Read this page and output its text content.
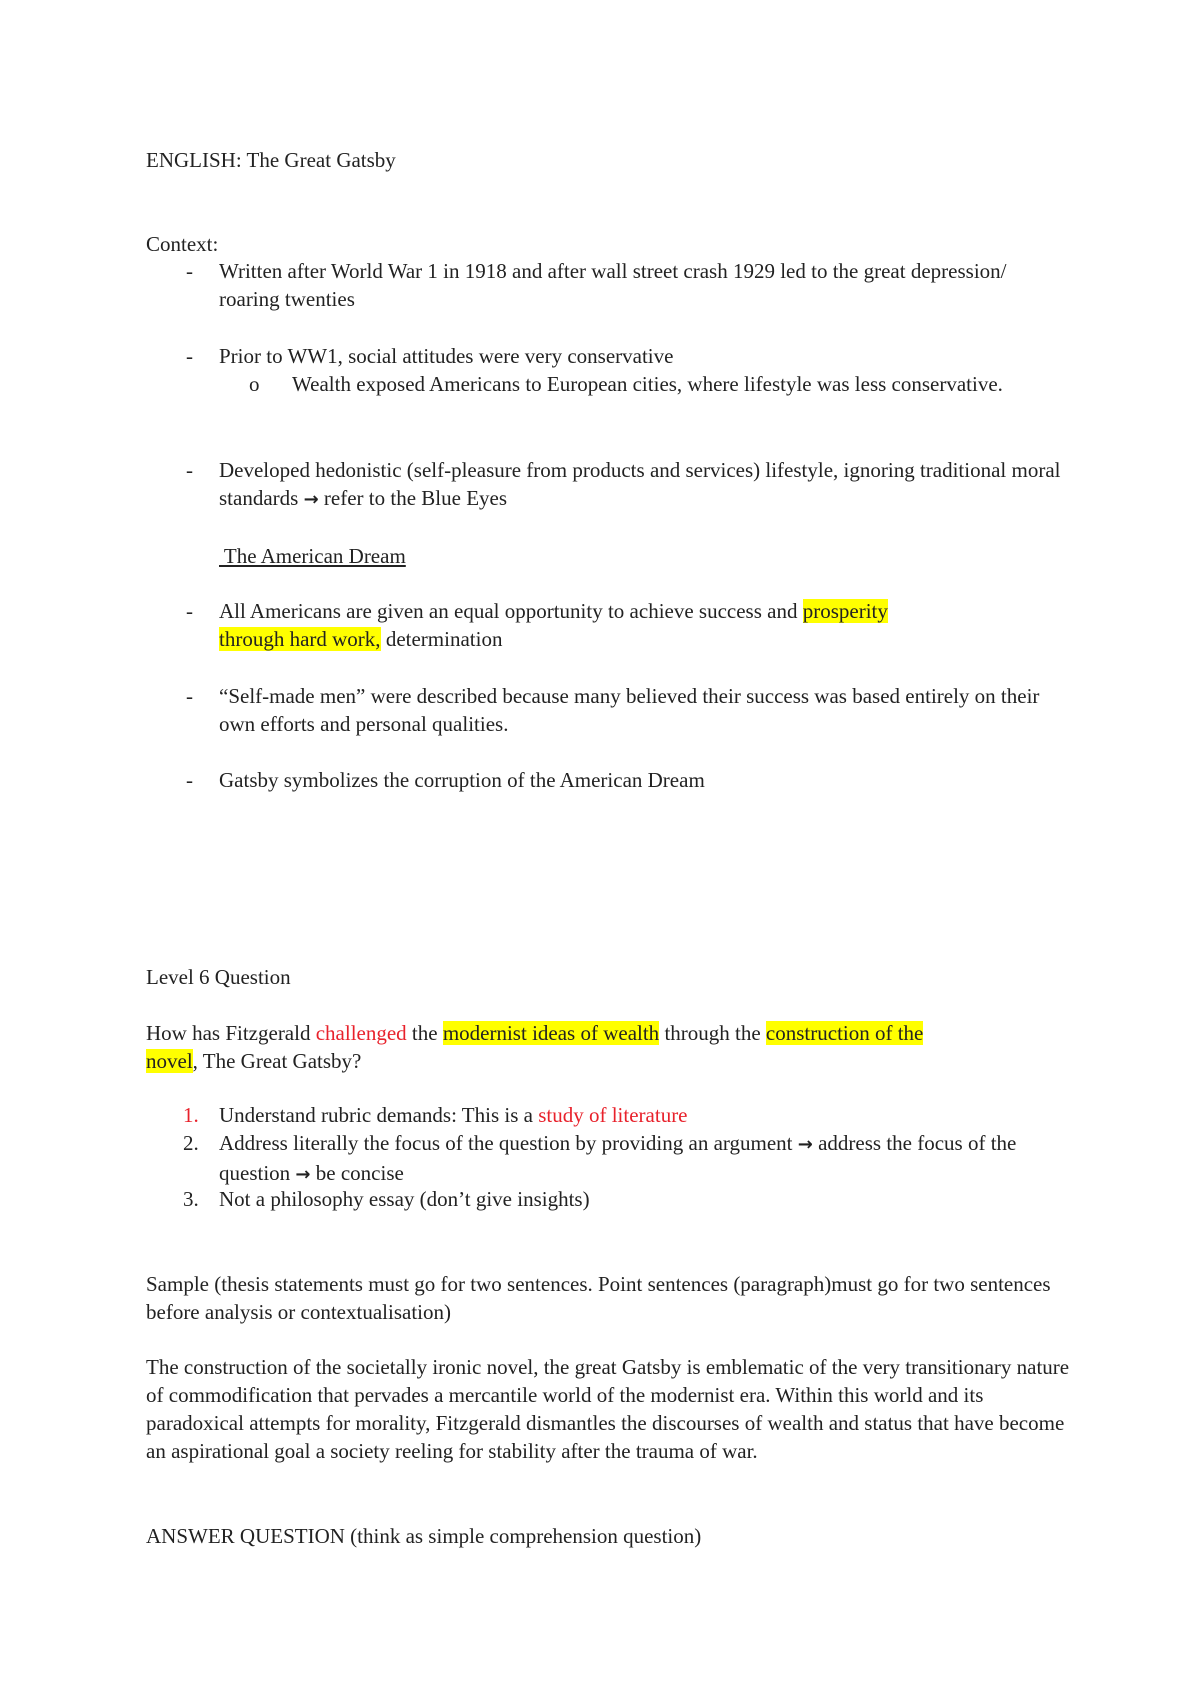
ENGLISH: The Great Gatsby
Context:
- Written after World War 1 in 1918 and after wall street crash 1929 led to the great depression/ roaring twenties
- Prior to WW1, social attitudes were very conservative
o Wealth exposed Americans to European cities, where lifestyle was less conservative.
- Developed hedonistic (self-pleasure from products and services) lifestyle, ignoring traditional moral standards → refer to the Blue Eyes
The American Dream
- All Americans are given an equal opportunity to achieve success and prosperity
through hard work, determination
- “Self-made men” were described because many believed their success was based entirely on their own efforts and personal qualities.
- Gatsby symbolizes the corruption of the American Dream
Level 6 Question
How has Fitzgerald challenged the modernist ideas of wealth through the construction of the
novel, The Great Gatsby?
1. Understand rubric demands: This is a study of literature
2. Address literally the focus of the question by providing an argument → address the focus of the question → be concise
3. Not a philosophy essay (don’t give insights)
Sample (thesis statements must go for two sentences. Point sentences (paragraph)must go for two sentences before analysis or contextualisation)
The construction of the societally ironic novel, the great Gatsby is emblematic of the very transitionary nature of commodification that pervades a mercantile world of the modernist era. Within this world and its paradoxical attempts for morality, Fitzgerald dismantles the discourses of wealth and status that have become an aspirational goal a society reeling for stability after the trauma of war.
ANSWER QUESTION (think as simple comprehension question)
